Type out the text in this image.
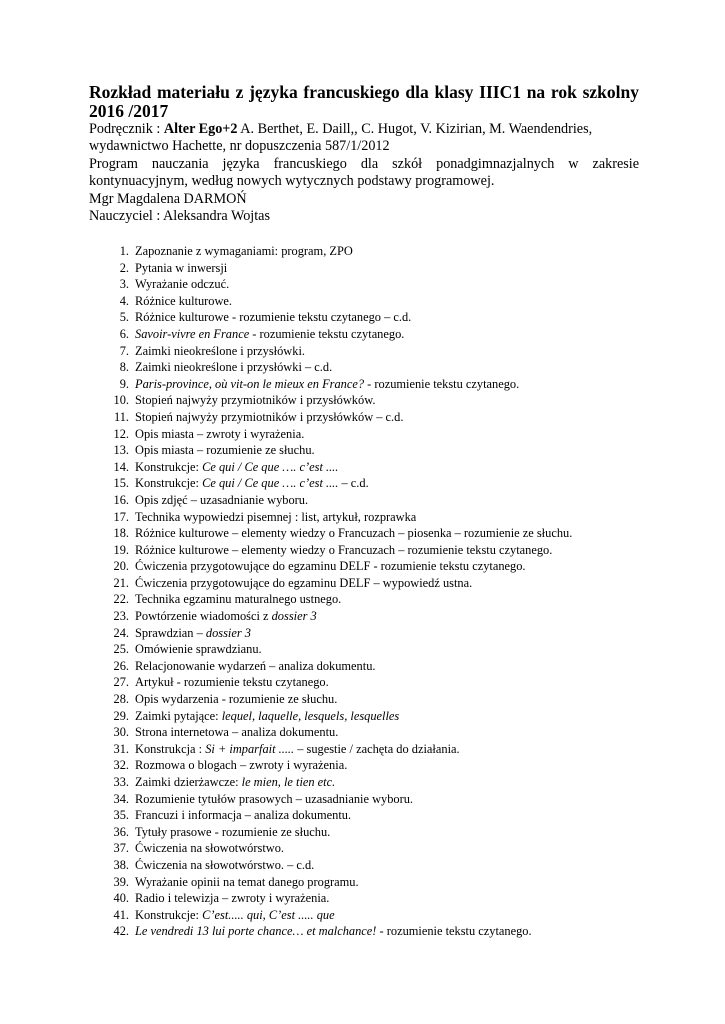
Rozkład materiału z języka francuskiego dla klasy IIIC1 na rok szkolny 2016 /2017

Podręcznik : Alter Ego+2 A. Berthet, E. Daill,, C. Hugot, V. Kizirian, M. Waendendries,

wydawnictwo Hachette, nr dopuszczenia 587/1/2012

Program nauczania języka francuskiego dla szkół ponadgimnazjalnych w zakresie kontynuacyjnym, według nowych wytycznych podstawy programowej.

Mgr Magdalena DARMOŃ

Nauczyciel : Aleksandra Wojtas

1. Zapoznanie z wymaganiami: program, ZPO
2. Pytania w inwersji
3. Wyrażanie odczuć.
4. Różnice kulturowe.
5. Różnice kulturowe - rozumienie tekstu czytanego – c.d.
6. Savoir-vivre en France - rozumienie tekstu czytanego.
7. Zaimki nieokreślone i przysłówki.
8. Zaimki nieokreślone i przysłówki – c.d.
9. Paris-province, où vit-on le mieux en France? - rozumienie tekstu czytanego.
10. Stopień najwyży przymiotników i przysłówków.
11. Stopień najwyży przymiotników i przysłówków – c.d.
12. Opis miasta – zwroty i wyrażenia.
13. Opis miasta – rozumienie ze słuchu.
14. Konstrukcje: Ce qui / Ce que …. c’est ....
15. Konstrukcje: Ce qui / Ce que …. c’est .... – c.d.
16. Opis zdjęć – uzasadnianie wyboru.
17. Technika wypowiedzi pisemnej : list, artykuł, rozprawka
18. Różnice kulturowe – elementy wiedzy o Francuzach – piosenka – rozumienie ze słuchu.
19. Różnice kulturowe – elementy wiedzy o Francuzach – rozumienie tekstu czytanego.
20. Ćwiczenia przygotowujące do egzaminu DELF - rozumienie tekstu czytanego.
21. Ćwiczenia przygotowujące do egzaminu DELF – wypowiedź ustna.
22. Technika egzaminu maturalnego ustnego.
23. Powtórzenie wiadomości z dossier 3
24. Sprawdzian – dossier 3
25. Omówienie sprawdzianu.
26. Relacjonowanie wydarzeń – analiza dokumentu.
27. Artykuł - rozumienie tekstu czytanego.
28. Opis wydarzenia - rozumienie ze słuchu.
29. Zaimki pytające: lequel, laquelle, lesquels, lesquelles
30. Strona internetowa – analiza dokumentu.
31. Konstrukcja : Si + imparfait ..... – sugestie / zachęta do działania.
32. Rozmowa o blogach – zwroty i wyrażenia.
33. Zaimki dzierżawcze: le mien, le tien etc.
34. Rozumienie tytułów prasowych – uzasadnianie wyboru.
35. Francuzi i informacja – analiza dokumentu.
36. Tytuły prasowe - rozumienie ze słuchu.
37. Ćwiczenia na słowotwórstwo.
38. Ćwiczenia na słowotwórstwo. – c.d.
39. Wyrażanie opinii na temat danego programu.
40. Radio i telewizja – zwroty i wyrażenia.
41. Konstrukcje: C’est..... qui, C’est ..... que
42. Le vendredi 13 lui porte chance… et malchance! - rozumienie tekstu czytanego.
